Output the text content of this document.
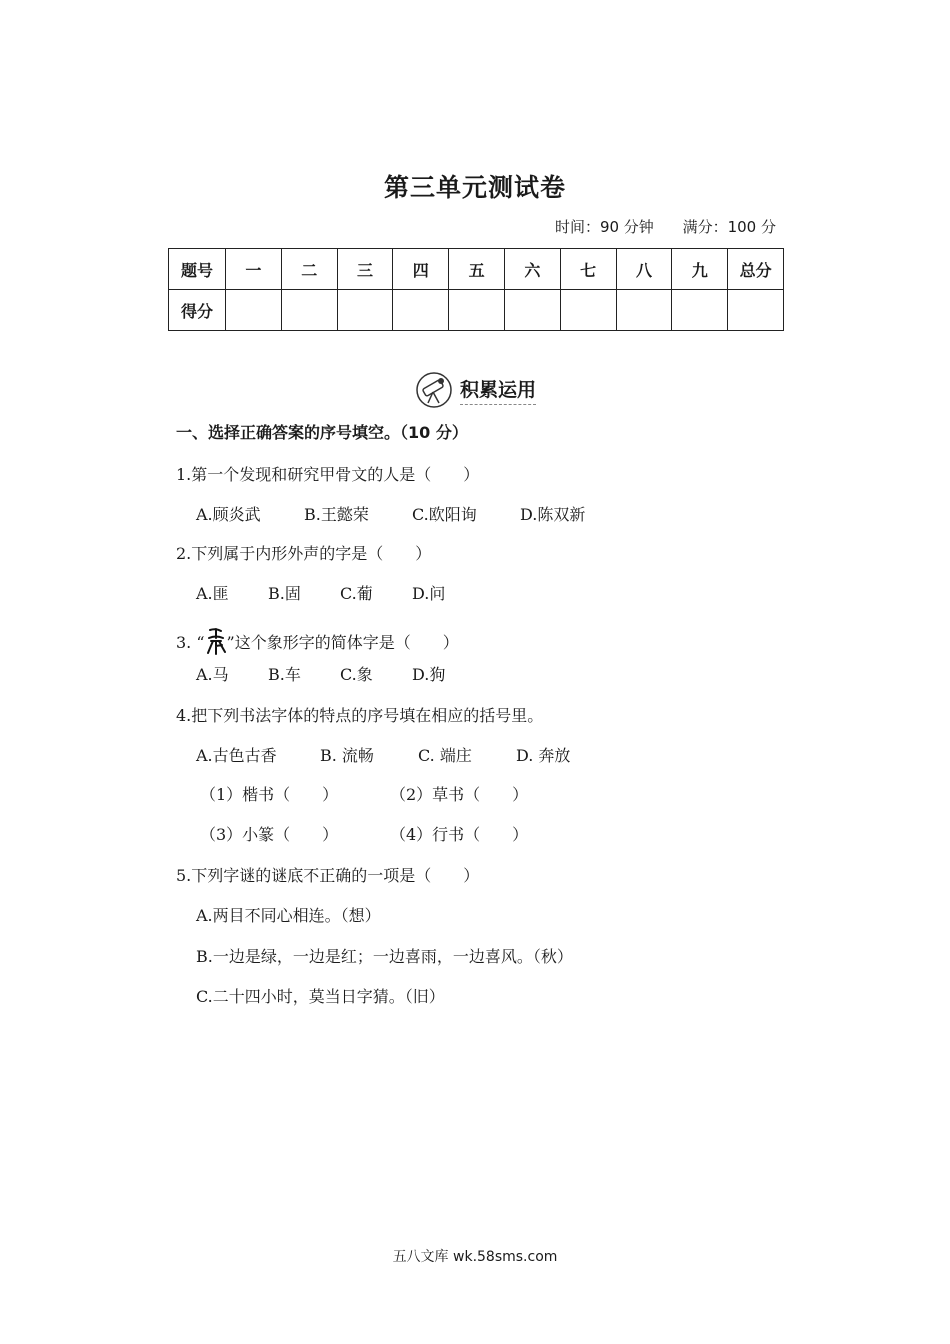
第三单元测试卷
时间：90 分钟 满分：100 分
题号	一	二	三	四	五	六	七	八	九	总分
得分										
积累运用
一、选择正确答案的序号填空。（10 分）
1.第一个发现和研究甲骨文的人是（　　）
A.顾炎武	B.王懿荣	C.欧阳询	D.陈双新
2.下列属于内形外声的字是（　　）
A.匪 B.固 C.葡 D.问
3. “ ”这个象形字的简体字是（　　）
A.马 B.车 C.象 D.狗
4.把下列书法字体的特点的序号填在相应的括号里。
A.古色古香	B. 流畅	C. 端庄	D. 奔放
（1）楷书（　　）	（2）草书（　　）
（3）小篆（　　）	（4）行书（　　）
5.下列字谜的谜底不正确的一项是（　　）
A.两目不同心相连。（想）
B.一边是绿，一边是红；一边喜雨，一边喜风。（秋）
C.二十四小时，莫当日字猜。（旧）
五八文库 wk.58sms.com
